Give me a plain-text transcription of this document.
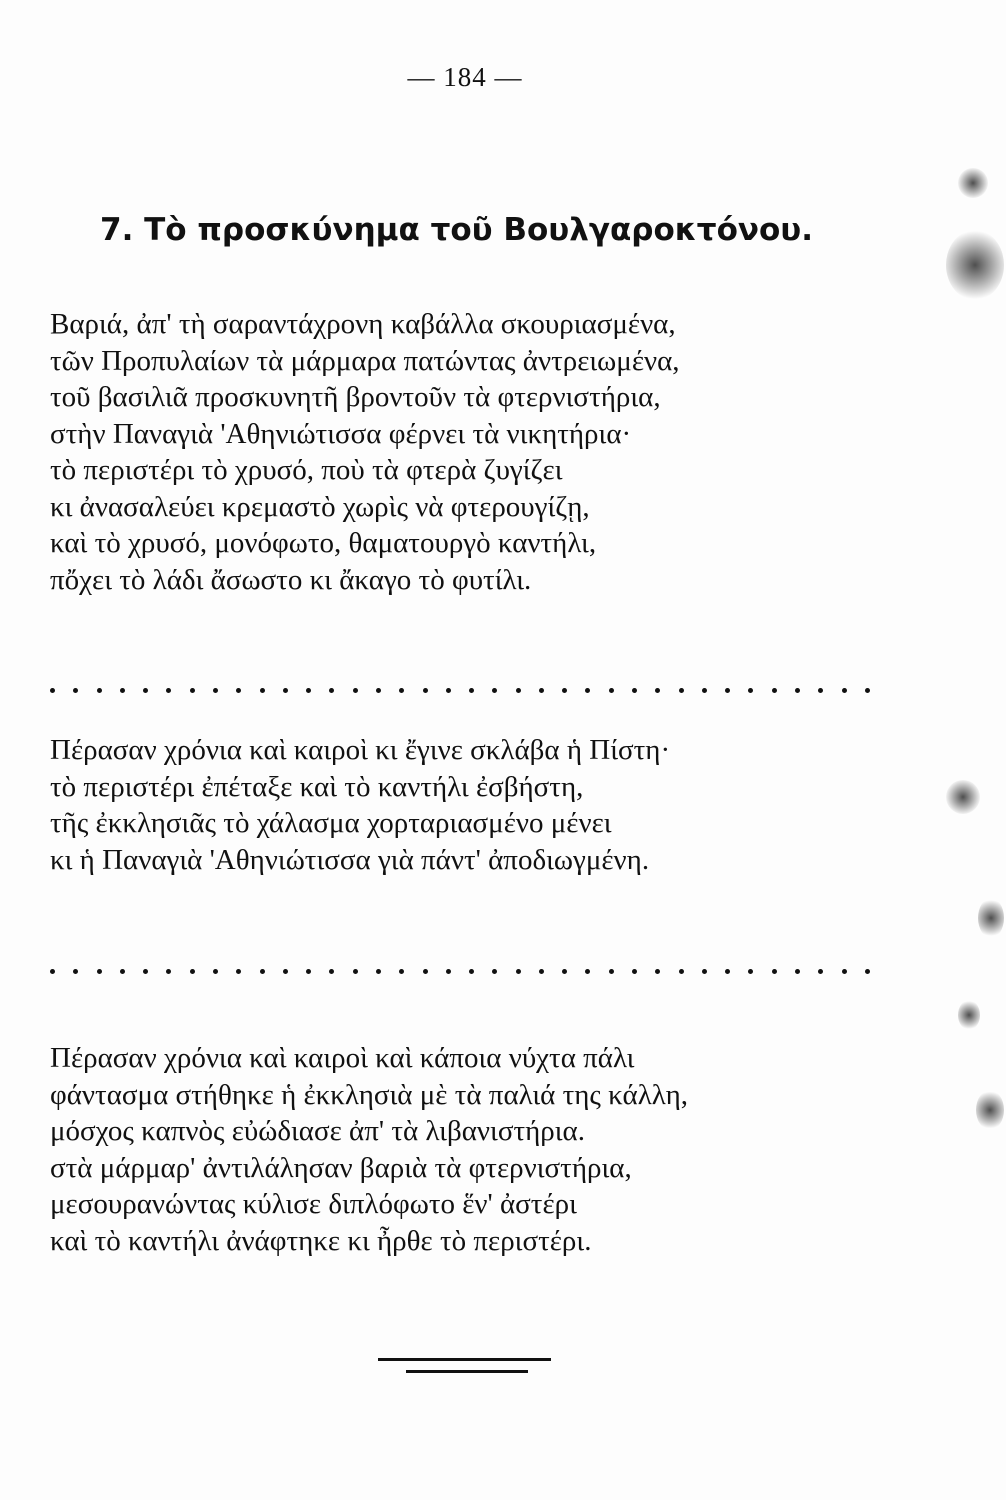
— 184 —
7. Τὸ προσκύνημα τοῦ Βουλγαροκτόνου.
Βαριά, ἀπ' τὴ σαραντάχρονη καβάλλα σκουριασμένα,
τῶν Προπυλαίων τὰ μάρμαρα πατώντας ἀντρειωμένα,
τοῦ βασιλιᾶ προσκυνητῆ βροντοῦν τὰ φτερνιστήρια,
στὴν Παναγιὰ 'Αθηνιώτισσα φέρνει τὰ νικητήρια·
τὸ περιστέρι τὸ χρυσό, ποὺ τὰ φτερὰ ζυγίζει
κι ἀνασαλεύει κρεμαστὸ χωρὶς νὰ φτερουγίζῃ,
καὶ τὸ χρυσό, μονόφωτο, θαματουργὸ καντήλι,
πὄχει τὸ λάδι ἄσωστο κι ἄκαγο τὸ φυτίλι.
Πέρασαν χρόνια καὶ καιροὶ κι ἔγινε σκλάβα ἡ Πίστη·
τὸ περιστέρι ἐπέταξε καὶ τὸ καντήλι ἐσβήστη,
τῆς ἐκκλησιᾶς τὸ χάλασμα χορταριασμένο μένει
κι ἡ Παναγιὰ 'Αθηνιώτισσα γιὰ πάντ' ἀποδιωγμένη.
Πέρασαν χρόνια καὶ καιροὶ καὶ κάποια νύχτα πάλι
φάντασμα στήθηκε ἡ ἐκκλησιὰ μὲ τὰ παλιά της κάλλη,
μόσχος καπνὸς εὐώδιασε ἀπ' τὰ λιβανιστήρια.
στὰ μάρμαρ' ἀντιλάλησαν βαριὰ τὰ φτερνιστήρια,
μεσουρανώντας κύλισε διπλόφωτο ἕν' ἀστέρι
καὶ τὸ καντήλι ἀνάφτηκε κι ἦρθε τὸ περιστέρι.
